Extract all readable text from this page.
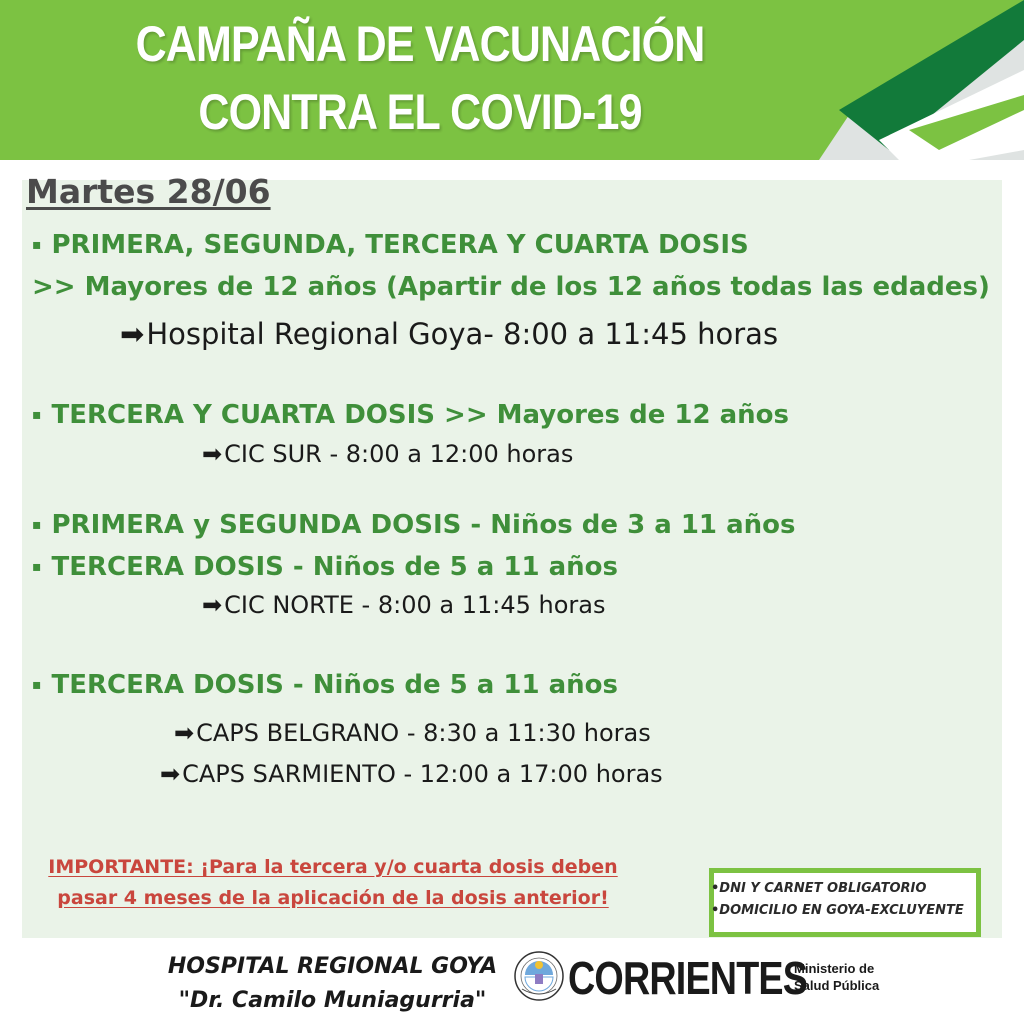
CAMPAÑA DE VACUNACIÓN
CONTRA EL COVID-19
Martes 28/06
▪ PRIMERA, SEGUNDA, TERCERA Y CUARTA DOSIS
>> Mayores de 12 años (Apartir de los 12 años todas las edades)
➡Hospital Regional Goya- 8:00 a 11:45 horas
▪ TERCERA Y CUARTA DOSIS >> Mayores de 12 años
➡CIC SUR - 8:00 a 12:00 horas
▪ PRIMERA y SEGUNDA DOSIS - Niños de 3 a 11 años
▪ TERCERA DOSIS - Niños de 5 a 11 años
➡CIC NORTE - 8:00 a 11:45 horas
▪ TERCERA DOSIS - Niños de 5 a 11 años
➡CAPS BELGRANO - 8:30 a 11:30 horas
➡CAPS SARMIENTO - 12:00 a 17:00 horas
IMPORTANTE: ¡Para la tercera y/o cuarta dosis deben
pasar 4 meses de la aplicación de la dosis anterior!	•DNI Y CARNET OBLIGATORIO
•DOMICILIO EN GOYA-EXCLUYENTE
HOSPITAL REGIONAL GOYA
"Dr. Camilo Muniagurria"	CORRIENTES
Ministerio de
Salud Pública
